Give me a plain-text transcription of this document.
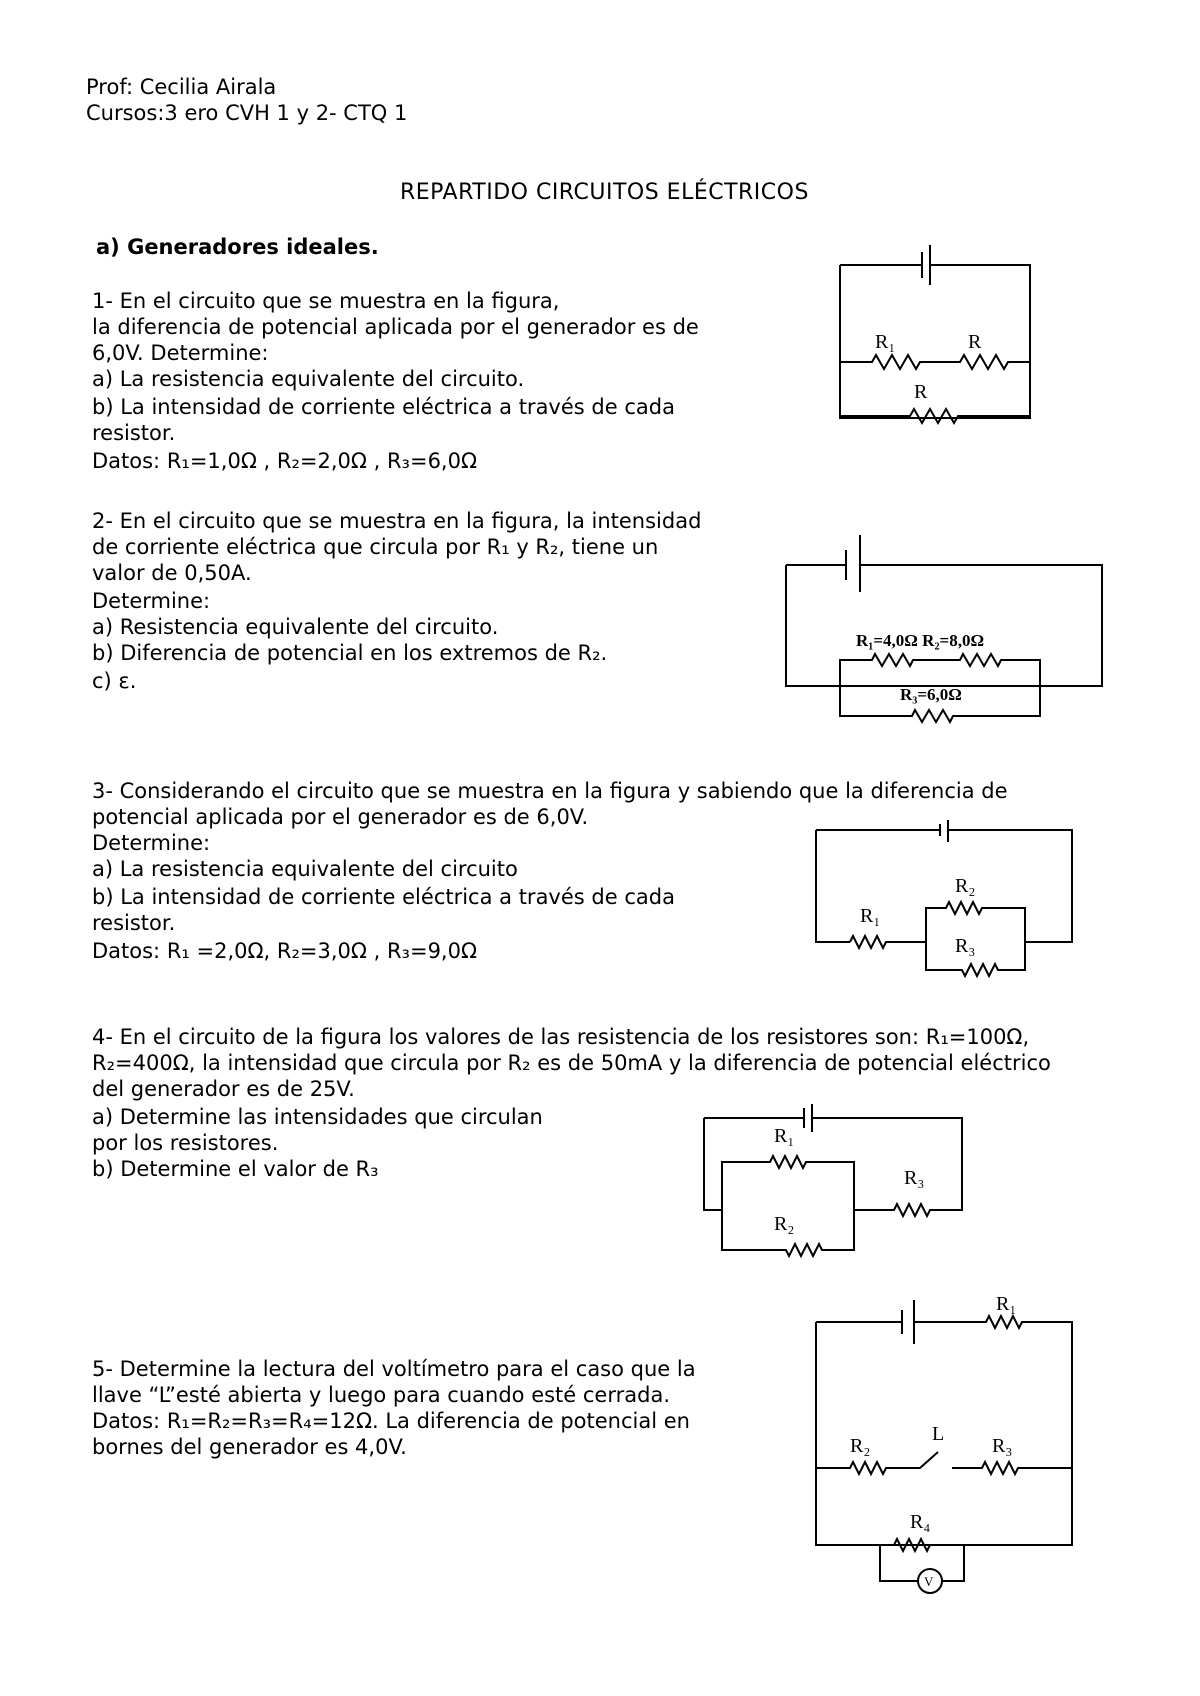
Prof: Cecilia Airala
Cursos:3 ero CVH 1 y 2- CTQ 1
REPARTIDO CIRCUITOS ELÉCTRICOS
a) Generadores ideales.
1- En el circuito que se muestra en la figura,
la diferencia de potencial aplicada por el generador es de
6,0V. Determine:
a) La resistencia equivalente del circuito.
b) La intensidad de corriente eléctrica a través de cada
resistor.
Datos: R₁=1,0Ω , R₂=2,0Ω , R₃=6,0Ω
R₁	R
R
2- En el circuito que se muestra en la figura, la intensidad
de corriente eléctrica que circula por R₁ y R₂, tiene un
valor de 0,50A.
Determine:
a) Resistencia equivalente del circuito.
b) Diferencia de potencial en los extremos de R₂.
c) ε.
R₁=4,0Ω R₂=8,0Ω
R₃=6,0Ω
3- Considerando el circuito que se muestra en la figura y sabiendo que la diferencia de
potencial aplicada por el generador es de 6,0V.
Determine:
a) La resistencia equivalente del circuito
b) La intensidad de corriente eléctrica a través de cada
resistor.
Datos: R₁ =2,0Ω, R₂=3,0Ω , R₃=9,0Ω
R₁
R₂
R₃
4- En el circuito de la figura los valores de las resistencia de los resistores son: R₁=100Ω,
R₂=400Ω, la intensidad que circula por R₂ es de 50mA y la diferencia de potencial eléctrico
del generador es de 25V.
a) Determine las intensidades que circulan
por los resistores.
b) Determine el valor de R₃
R₁
R₃
R₂
5- Determine la lectura del voltímetro para el caso que la
llave “L”esté abierta y luego para cuando esté cerrada.
Datos: R₁=R₂=R₃=R₄=12Ω. La diferencia de potencial en
bornes del generador es 4,0V.
V
R₁
R₂
L
R₃
R₄
